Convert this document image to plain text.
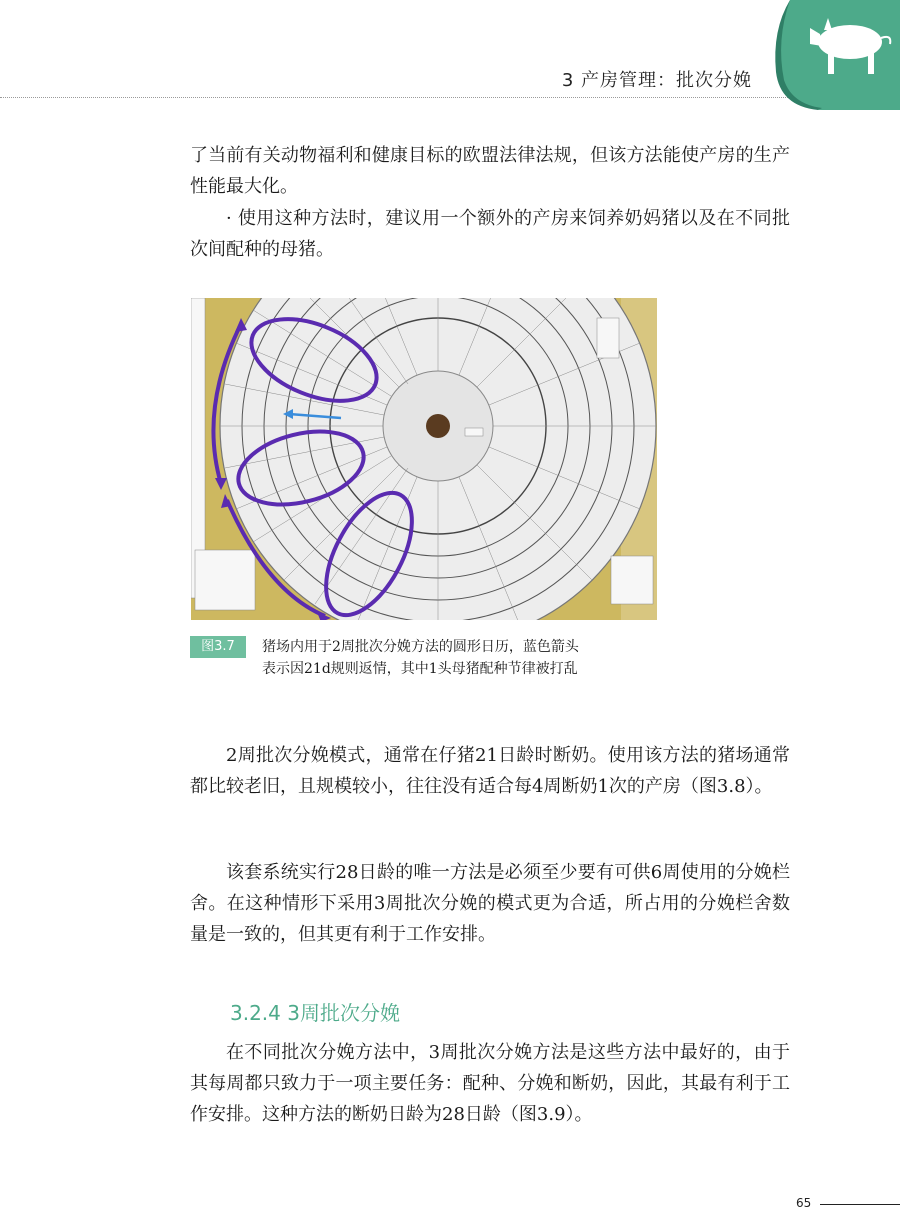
3 产房管理：批次分娩

了当前有关动物福利和健康目标的欧盟法律法规，但该方法能使产房的生产性能最大化。

· 使用这种方法时，建议用一个额外的产房来饲养奶妈猪以及在不同批次间配种的母猪。

图3.7	猪场内用于2周批次分娩方法的圆形日历，蓝色箭头
表示因21d规则返情，其中1头母猪配种节律被打乱

2周批次分娩模式，通常在仔猪21日龄时断奶。使用该方法的猪场通常都比较老旧，且规模较小，往往没有适合每4周断奶1次的产房（图3.8）。

该套系统实行28日龄的唯一方法是必须至少要有可供6周使用的分娩栏舍。在这种情形下采用3周批次分娩的模式更为合适，所占用的分娩栏舍数量是一致的，但其更有利于工作安排。

3.2.4 3周批次分娩

在不同批次分娩方法中，3周批次分娩方法是这些方法中最好的，由于其每周都只致力于一项主要任务：配种、分娩和断奶，因此，其最有利于工作安排。这种方法的断奶日龄为28日龄（图3.9）。

65
